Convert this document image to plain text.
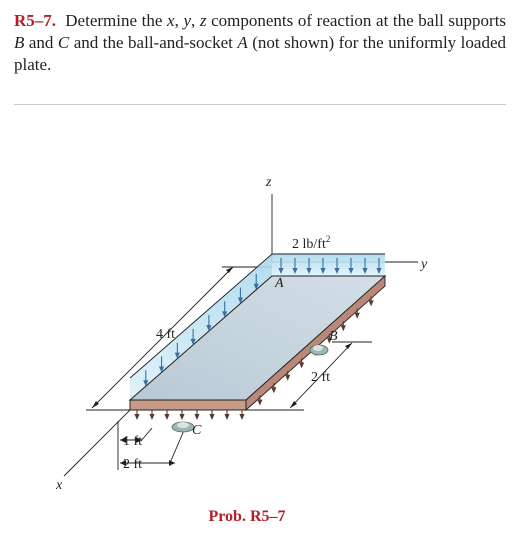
R5–7. Determine the x, y, z components of reaction at the ball supports B and C and the ball-and-socket A (not shown) for the uniformly loaded plate.

z
y
x
A
B
C
2 $lb/ft^2$
4 ft
2 ft
1 ft
2 ft

Prob. R5–7
